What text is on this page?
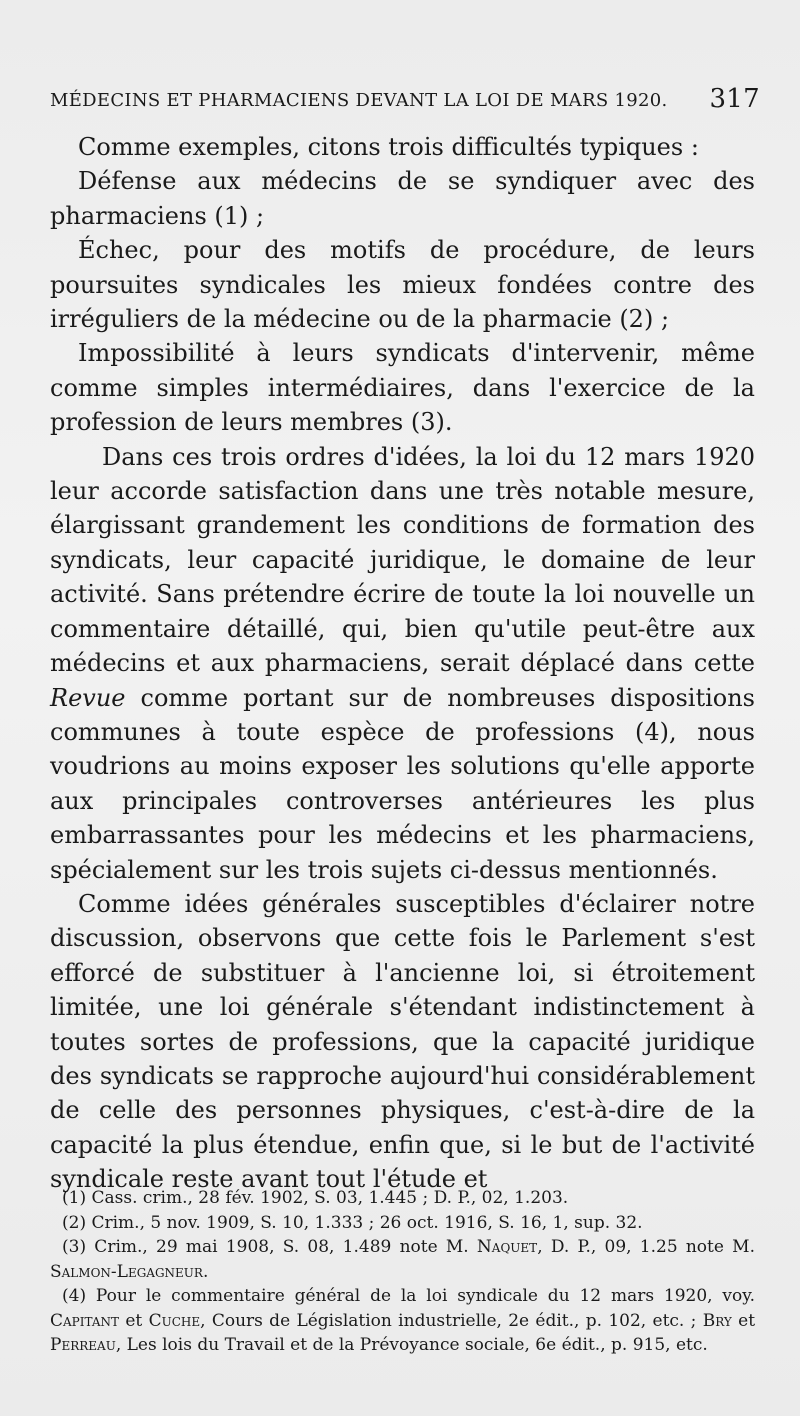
MÉDECINS ET PHARMACIENS DEVANT LA LOI DE MARS 1920. 317

Comme exemples, citons trois difficultés typiques :

Défense aux médecins de se syndiquer avec des pharmaciens (1) ;

Échec, pour des motifs de procédure, de leurs poursuites syndicales les mieux fondées contre des irréguliers de la médecine ou de la pharmacie (2) ;

Impossibilité à leurs syndicats d'intervenir, même comme simples intermédiaires, dans l'exercice de la profession de leurs membres (3).

Dans ces trois ordres d'idées, la loi du 12 mars 1920 leur accorde satisfaction dans une très notable mesure, élargissant grandement les conditions de formation des syndicats, leur capacité juridique, le domaine de leur activité. Sans prétendre écrire de toute la loi nouvelle un commentaire détaillé, qui, bien qu'utile peut-être aux médecins et aux pharmaciens, serait déplacé dans cette Revue comme portant sur de nombreuses dispositions communes à toute espèce de professions (4), nous voudrions au moins exposer les solutions qu'elle apporte aux principales controverses antérieures les plus embarrassantes pour les médecins et les pharmaciens, spécialement sur les trois sujets ci-dessus mentionnés.

Comme idées générales susceptibles d'éclairer notre discussion, observons que cette fois le Parlement s'est efforcé de substituer à l'ancienne loi, si étroitement limitée, une loi générale s'étendant indistinctement à toutes sortes de professions, que la capacité juridique des syndicats se rapproche aujourd'hui considérablement de celle des personnes physiques, c'est-à-dire de la capacité la plus étendue, enfin que, si le but de l'activité syndicale reste avant tout l'étude et

(1) Cass. crim., 28 fév. 1902, S. 03, 1.445 ; D. P., 02, 1.203.

(2) Crim., 5 nov. 1909, S. 10, 1.333 ; 26 oct. 1916, S. 16, 1, sup. 32.

(3) Crim., 29 mai 1908, S. 08, 1.489 note M. Naquet, D. P., 09, 1.25 note M. Salmon-Legagneur.

(4) Pour le commentaire général de la loi syndicale du 12 mars 1920, voy. Capitant et Cuche, Cours de Législation industrielle, 2e édit., p. 102, etc. ; Bry et Perreau, Les lois du Travail et de la Prévoyance sociale, 6e édit., p. 915, etc.
